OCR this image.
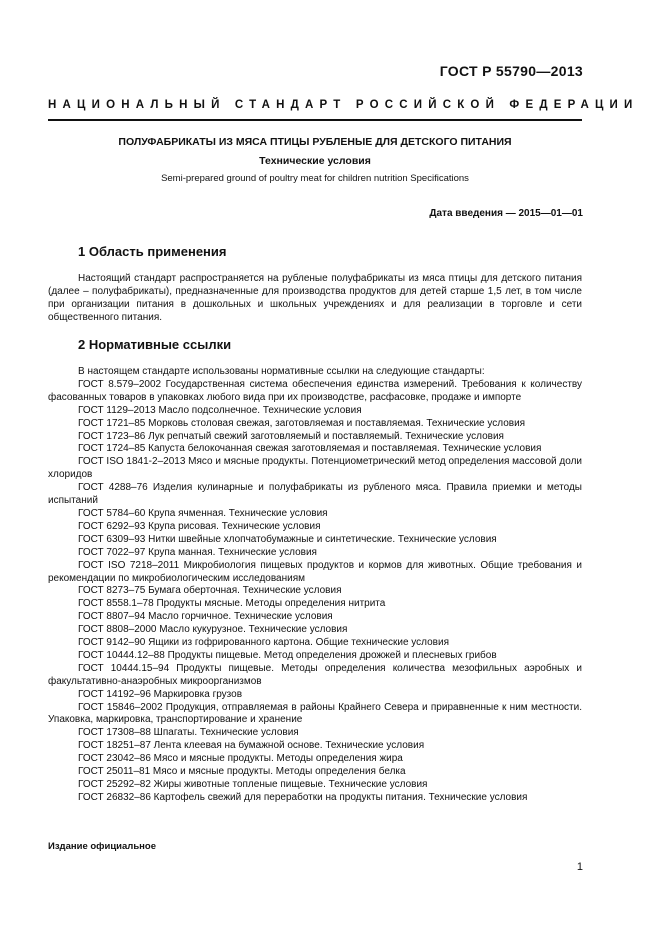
ГОСТ Р 55790—2013
НАЦИОНАЛЬНЫЙ СТАНДАРТ РОССИЙСКОЙ ФЕДЕРАЦИИ
ПОЛУФАБРИКАТЫ ИЗ МЯСА ПТИЦЫ РУБЛЕНЫЕ ДЛЯ ДЕТСКОГО ПИТАНИЯ
Технические условия
Semi-prepared ground of poultry meat for children nutrition Specifications
Дата введения — 2015—01—01
1 Область применения

Настоящий стандарт распространяется на рубленые полуфабрикаты из мяса птицы для детского питания (далее – полуфабрикаты), предназначенные для производства продуктов для детей старше 1,5 лет, в том числе при организации питания в дошкольных и школьных учреждениях и для реализации в торговле и сети общественного питания.

2 Нормативные ссылки
В настоящем стандарте использованы нормативные ссылки на следующие стандарты:
ГОСТ 8.579–2002 Государственная система обеспечения единства измерений. Требования к количеству фасованных товаров в упаковках любого вида при их производстве, расфасовке, продаже и импорте
ГОСТ 1129–2013 Масло подсолнечное. Технические условия
ГОСТ 1721–85 Морковь столовая свежая, заготовляемая и поставляемая. Технические условия
ГОСТ 1723–86 Лук репчатый свежий заготовляемый и поставляемый. Технические условия
ГОСТ 1724–85 Капуста белокочанная свежая заготовляемая и поставляемая. Технические условия
ГОСТ ISO 1841-2–2013 Мясо и мясные продукты. Потенциометрический метод определения массовой доли хлоридов
ГОСТ 4288–76 Изделия кулинарные и полуфабрикаты из рубленого мяса. Правила приемки и методы испытаний
ГОСТ 5784–60 Крупа ячменная. Технические условия
ГОСТ 6292–93 Крупа рисовая. Технические условия
ГОСТ 6309–93 Нитки швейные хлопчатобумажные и синтетические. Технические условия
ГОСТ 7022–97 Крупа манная. Технические условия
ГОСТ ISO 7218–2011 Микробиология пищевых продуктов и кормов для животных. Общие требования и рекомендации по микробиологическим исследованиям
ГОСТ 8273–75 Бумага оберточная. Технические условия
ГОСТ 8558.1–78 Продукты мясные. Методы определения нитрита
ГОСТ 8807–94 Масло горчичное. Технические условия
ГОСТ 8808–2000 Масло кукурузное. Технические условия
ГОСТ 9142–90 Ящики из гофрированного картона. Общие технические условия
ГОСТ 10444.12–88 Продукты пищевые. Метод определения дрожжей и плесневых грибов
ГОСТ 10444.15–94 Продукты пищевые. Методы определения количества мезофильных аэробных и факультативно-анаэробных микроорганизмов
ГОСТ 14192–96 Маркировка грузов
ГОСТ 15846–2002 Продукция, отправляемая в районы Крайнего Севера и приравненные к ним местности. Упаковка, маркировка, транспортирование и хранение
ГОСТ 17308–88 Шпагаты. Технические условия
ГОСТ 18251–87 Лента клеевая на бумажной основе. Технические условия
ГОСТ 23042–86 Мясо и мясные продукты. Методы определения жира
ГОСТ 25011–81 Мясо и мясные продукты. Методы определения белка
ГОСТ 25292–82 Жиры животные топленые пищевые. Технические условия
ГОСТ 26832–86 Картофель свежий для переработки на продукты питания. Технические условия
Издание официальное
1
